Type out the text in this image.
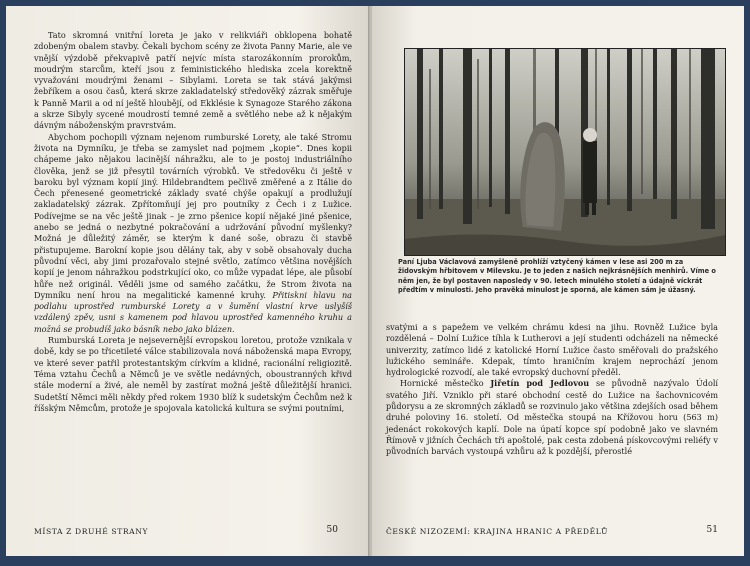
Tato skromná vnitřní loreta je jako v relikviáři obklopena bohatě zdobeným obalem stavby. Čekali bychom scény ze života Panny Marie, ale ve vnější výzdobě překvapivě patří nejvíc místa starozákonním prorokům, moudrým starcům, kteří jsou z feministického hlediska zcela korektně vyvažováni moudrými ženami – Sibylami. Loreta se tak stává jakýmsi žebříkem a osou časů, která skrze zakladatelský středověký zázrak směřuje k Panně Marii a od ní ještě hloubějí, od Ekklésie k Synagoze Starého zákona a skrze Sibyly sycené moudrostí temné země a světlého nebe až k nějakým dávným náboženským pravrstvám.

Abychom pochopili význam nejenom rumburské Lorety, ale také Stromu života na Dymníku, je třeba se zamyslet nad pojmem „kopie“. Dnes kopii chápeme jako nějakou lacinější náhražku, ale to je postoj industriálního člověka, jenž se již přesytil továrních výrobků. Ve středověku či ještě v baroku byl význam kopií jiný. Hildebrandtem pečlivě změřené a z Itálie do Čech přenesené geometrické základy svaté chýše opakují a prodlužují zakladatelský zázrak. Zpřítomňují jej pro poutníky z Čech i z Lužice. Podívejme se na věc ještě jinak – je zrno pšenice kopií nějaké jiné pšenice, anebo se jedná o nezbytné pokračování a udržování původní myšlenky? Možná je důležitý záměr, se kterým k dané soše, obrazu či stavbě přistupujeme. Barokní kopie jsou dělány tak, aby v sobě obsahovaly ducha původní věci, aby jimi prozařovalo stejné světlo, zatímco většina novějších kopií je jenom náhražkou podstrkující oko, co může vypadat lépe, ale působí hůře než originál. Věděli jsme od samého začátku, že Strom života na Dymníku není hrou na megalitické kamenné kruhy. Přitiskni hlavu na podlahu uprostřed rumburské Lorety a v šumění vlastní krve uslyšíš vzdálený zpěv, usni s kamenem pod hlavou uprostřed kamenného kruhu a možná se probudíš jako básník nebo jako blázen.

Rumburská Loreta je nejsevernější evropskou loretou, protože vznikala v době, kdy se po třicetileté válce stabilizovala nová náboženská mapa Evropy, ve které sever patřil protestantským církvím a klidné, racionální religiozitě. Téma vztahu Čechů a Němců je ve světle nedávných, oboustranných křivd stále moderní a živé, ale neměl by zastírat možná ještě důležitější hranici. Sudetští Němci měli někdy před rokem 1930 blíž k sudetským Čechům než k říšským Němcům, protože je spojovala katolická kultura se svými poutními,

MÍSTA Z DRUHÉ STRANY	50
Paní Ljuba Václavová zamyšleně prohlíží vztyčený kámen v lese asi 200 m za židovským hřbitovem v Milevsku. Je to jeden z našich nejkrásnějších menhirů. Víme o něm jen, že byl postaven naposledy v 90. letech minulého století a údajně víckrát předtím v minulosti. Jeho pravěká minulost je sporná, ale kámen sám je úžasný.

svatými a s papežem ve velkém chrámu kdesi na jihu. Rovněž Lužice byla rozdělená – Dolní Lužice tíhla k Lutherovi a její studenti odcházeli na německé univerzity, zatímco lidé z katolické Horní Lužice často směřovali do pražského lužického semináře. Kdepak, tímto hraničním krajem neprochází jenom hydrologické rozvodí, ale také evropský duchovní předěl.

Hornické městečko Jiřetín pod Jedlovou se původně nazývalo Údolí svatého Jiří. Vzniklo při staré obchodní cestě do Lužice na šachovnicovém půdorysu a ze skromných základů se rozvinulo jako většina zdejších osad během druhé poloviny 16. století. Od městečka stoupá na Křížovou horu (563 m) jedenáct rokokových kaplí. Dole na úpatí kopce spí podobně jako ve slavném Římově v jižních Čechách tři apoštolé, pak cesta zdobená pískovcovými reliéfy v původních barvách vystoupá vzhůru až k pozdější, přerostlé

ČESKÉ NIZOZEMÍ: KRAJINA HRANIC A PŘEDĚLŮ	51
